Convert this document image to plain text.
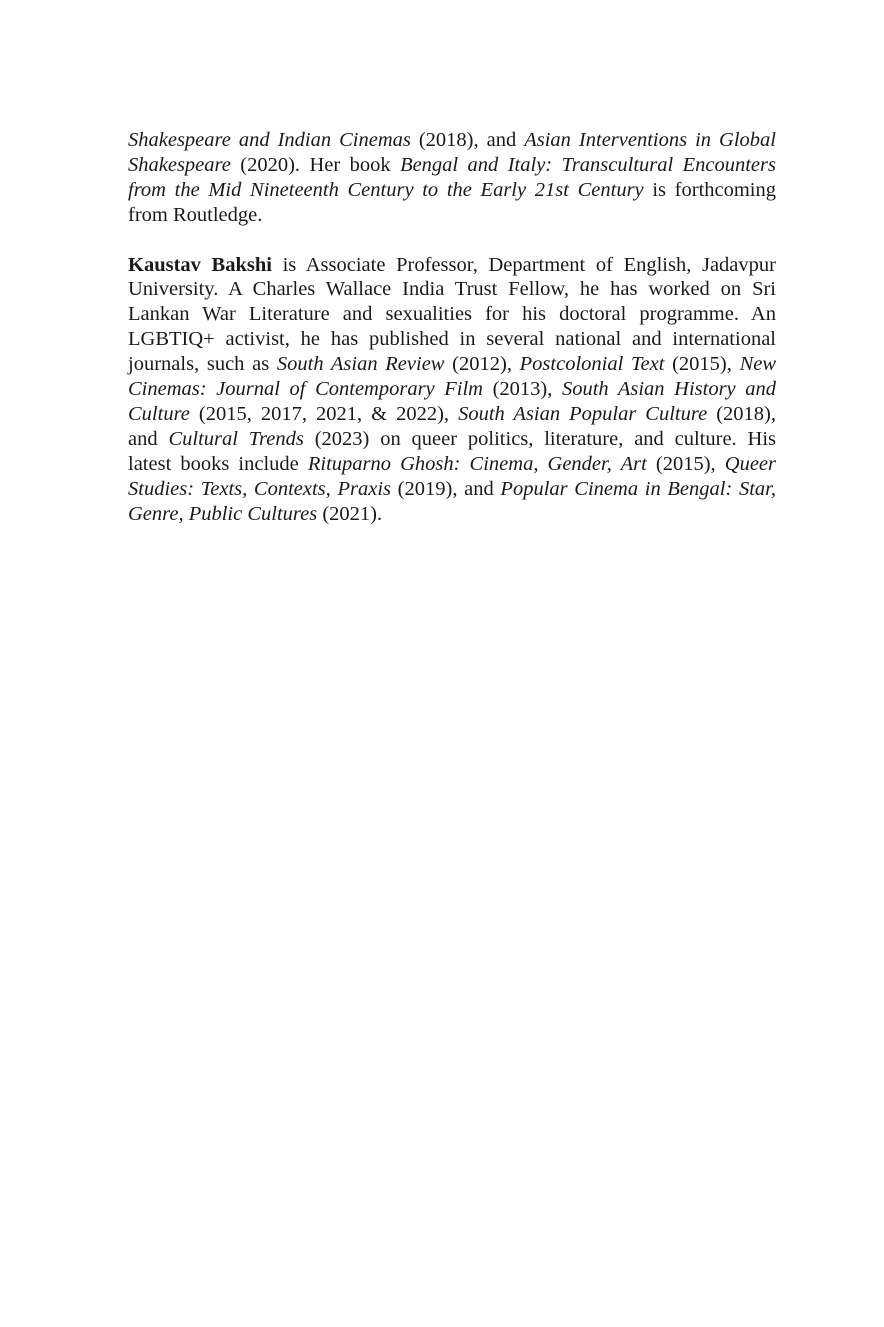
Shakespeare and Indian Cinemas (2018), and Asian Interventions in Global
Shakespeare (2020). Her book Bengal and Italy: Transcultural Encounters
from the Mid Nineteenth Century to the Early 21st Century is forthcoming
from Routledge.

Kaustav Bakshi is Associate Professor, Department of English, Jadavpur
University. A Charles Wallace India Trust Fellow, he has worked on Sri
Lankan War Literature and sexualities for his doctoral programme. An
LGBTIQ+ activist, he has published in several national and international
journals, such as South Asian Review (2012), Postcolonial Text (2015), New
Cinemas: Journal of Contemporary Film (2013), South Asian History and
Culture (2015, 2017, 2021, & 2022), South Asian Popular Culture (2018),
and Cultural Trends (2023) on queer politics, literature, and culture. His
latest books include Rituparno Ghosh: Cinema, Gender, Art (2015), Queer
Studies: Texts, Contexts, Praxis (2019), and Popular Cinema in Bengal: Star,
Genre, Public Cultures (2021).
